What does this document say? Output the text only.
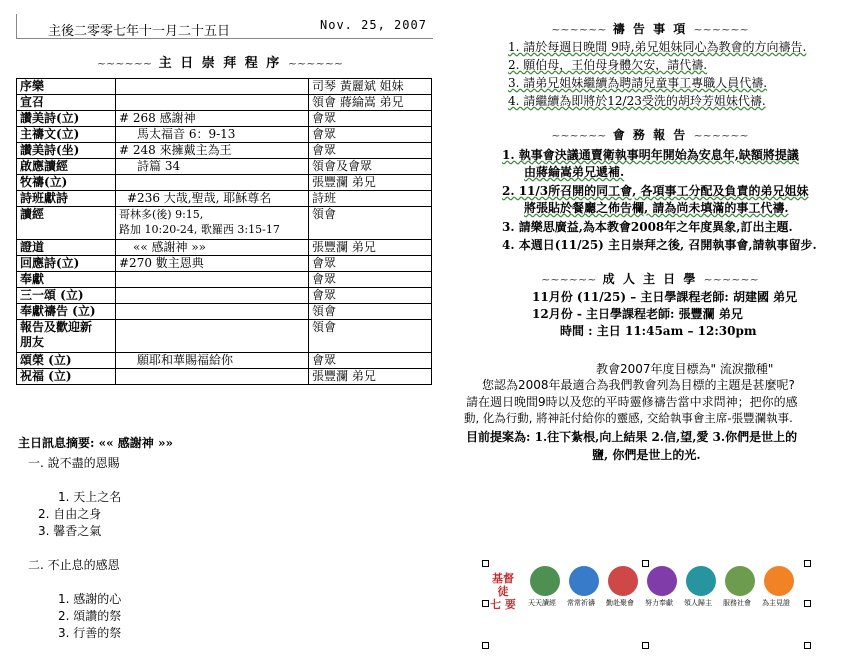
主後二零零七年十一月二十五日	Nov. 25, 2007
~~~~~~ 主 日 崇 拜 程 序 ~~~~~~
序樂		司琴 黃麗斌 姐妹

宣召		領會 蔣綸嵩 弟兄

讚美詩(立)	# 268 感謝神	會眾

主禱文(立)	馬太福音 6：9-13	會眾

讚美詩(坐)	# 248 來擁戴主為王	會眾

啟應讀經	詩篇 34	領會及會眾

牧禱(立)		張豐瀾 弟兄

詩班獻詩	#236 大哉,聖哉, 耶穌尊名	詩班

讀經	哥林多(後) 9:15,
路加 10:20-24, 歌羅西 3:15-17	領會

證道	«« 感謝神 »»	張豐瀾 弟兄

回應詩(立)	#270 數主恩典	會眾

奉獻		會眾

三一頌 (立)		會眾

奉獻禱告 (立)		領會

報告及歡迎新
朋友		領會

頌榮 (立)	願耶和華賜福給你	會眾

祝福 (立)		張豐瀾 弟兄
主日訊息摘要: «« 感謝神 »»
一. 說不盡的恩賜
1. 天上之名
2. 自由之身
3. 馨香之氣
二. 不止息的感恩
1. 感謝的心
2. 頌讚的祭
3. 行善的祭
~~~~~~ 禱 告 事 項 ~~~~~~
1. 請於每週日晚間 9時,弟兄姐妹同心為教會的方向禱告.
2. 願伯母，王伯母身體欠安，請代禱.
3. 請弟兄姐妹繼續為聘請兒童事工專職人員代禱.
4. 請繼續為即將於12/23受洗的胡玲芳姐妹代禱.
~~~~~~ 會 務 報 告 ~~~~~~
1. 執事會決議通賣衛執事明年開始為安息年,缺額將提議
由蔣綸嵩弟兄遞補.
2. 11/3所召開的同工會, 各項事工分配及負責的弟兄姐妹
將張貼於餐廳之佈告欄, 請為尚未填滿的事工代禱.
3. 請樂思廣益,為本教會2008年之年度異象,訂出主題.
4. 本週日(11/25) 主日崇拜之後, 召開執事會,請執事留步.
~~~~~~ 成 人 主 日 學 ~~~~~~
11月份 (11/25) – 主日學課程老師: 胡建國 弟兄
12月份 - 主日學課程老師: 張豐瀾 弟兄
時間 : 主日 11:45am – 12:30pm
教會2007年度目標為" 流淚撒種"
您認為2008年最適合為我們教會列為目標的主題是甚麼呢?
請在週日晚間9時以及您的平時靈修禱告當中求問神；把你的感
動, 化為行動, 將神託付給你的靈感, 交給執事會主席-張豐瀾執事.
目前提案為: 1.往下紮根,向上結果 2.信,望,愛 3.你們是世上的
鹽, 你們是世上的光.
基督徒
七 要	天天讀經 常常祈禱 勤赴聚會 努力奉獻 領人歸主 服務社會 為主見證
